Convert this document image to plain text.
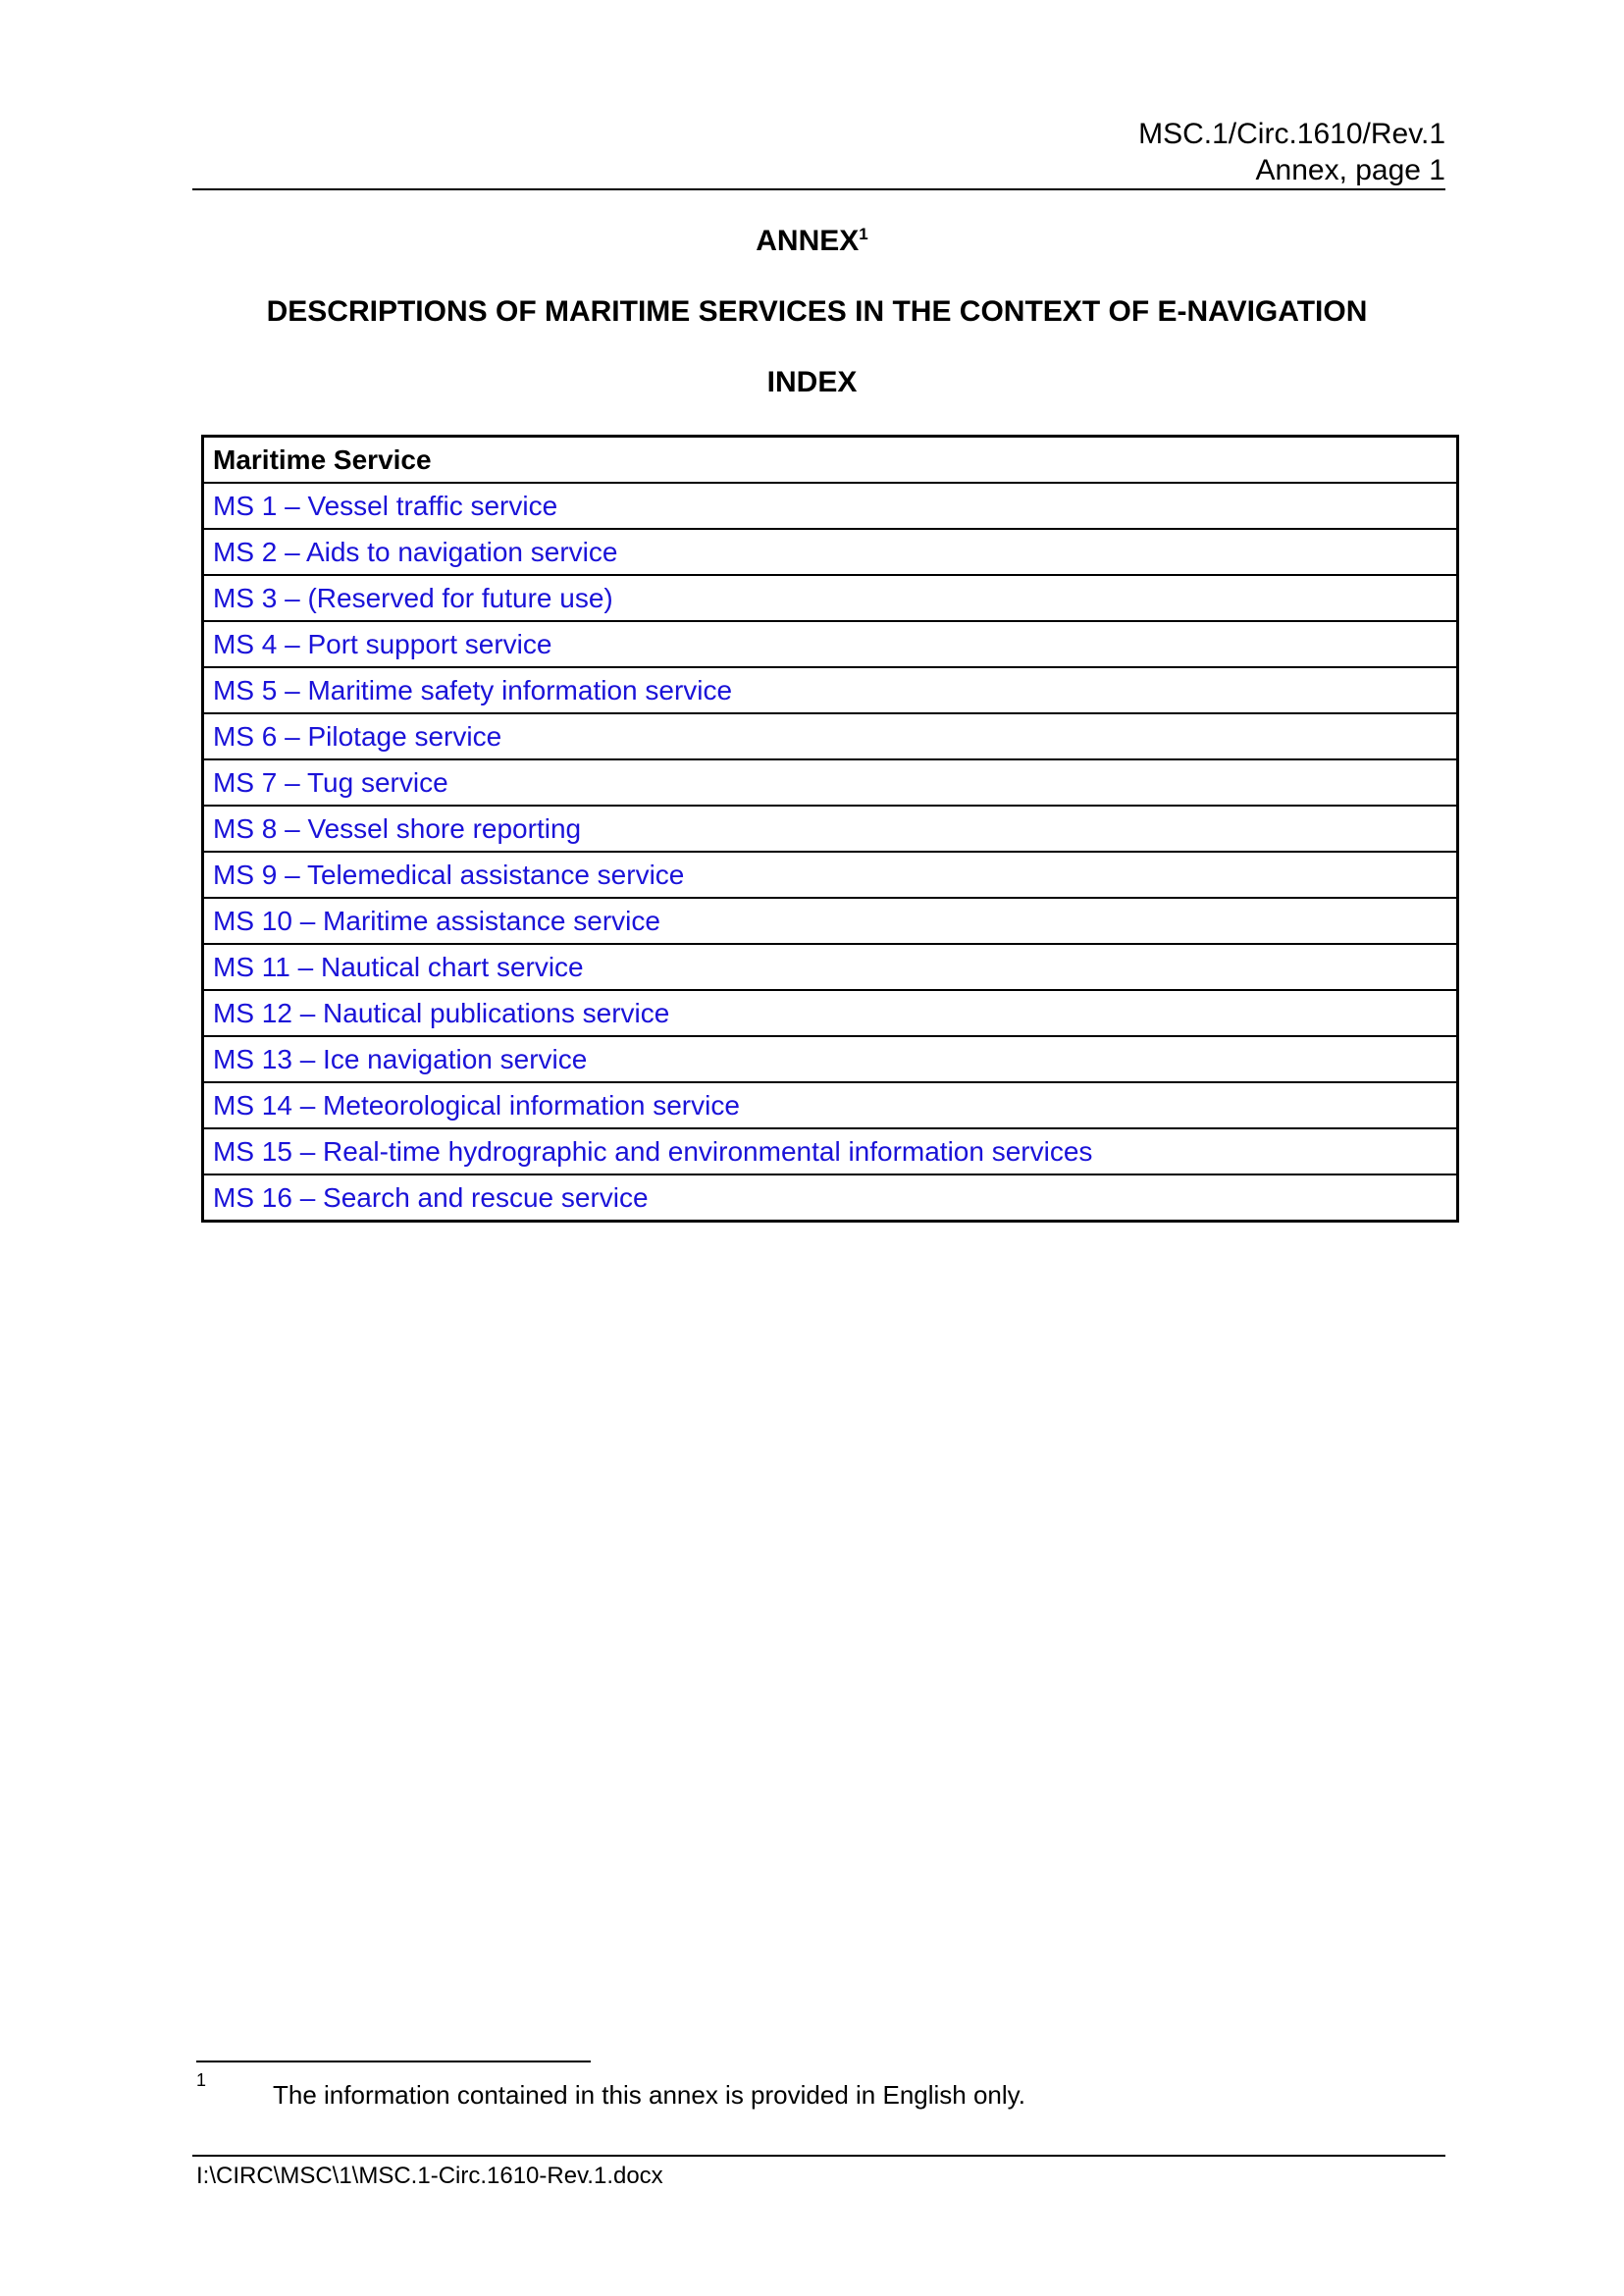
MSC.1/Circ.1610/Rev.1
Annex, page 1
ANNEX$^1$
DESCRIPTIONS OF MARITIME SERVICES IN THE CONTEXT OF E-NAVIGATION
INDEX
Maritime Service
MS 1 – Vessel traffic service
MS 2 – Aids to navigation service
MS 3 – (Reserved for future use)
MS 4 – Port support service
MS 5 – Maritime safety information service
MS 6 – Pilotage service
MS 7 – Tug service
MS 8 – Vessel shore reporting
MS 9 – Telemedical assistance service
MS 10 – Maritime assistance service
MS 11 – Nautical chart service
MS 12 – Nautical publications service
MS 13 – Ice navigation service
MS 14 – Meteorological information service
MS 15 – Real-time hydrographic and environmental information services
MS 16 – Search and rescue service
1	The information contained in this annex is provided in English only.
I:\CIRC\MSC\1\MSC.1-Circ.1610-Rev.1.docx
